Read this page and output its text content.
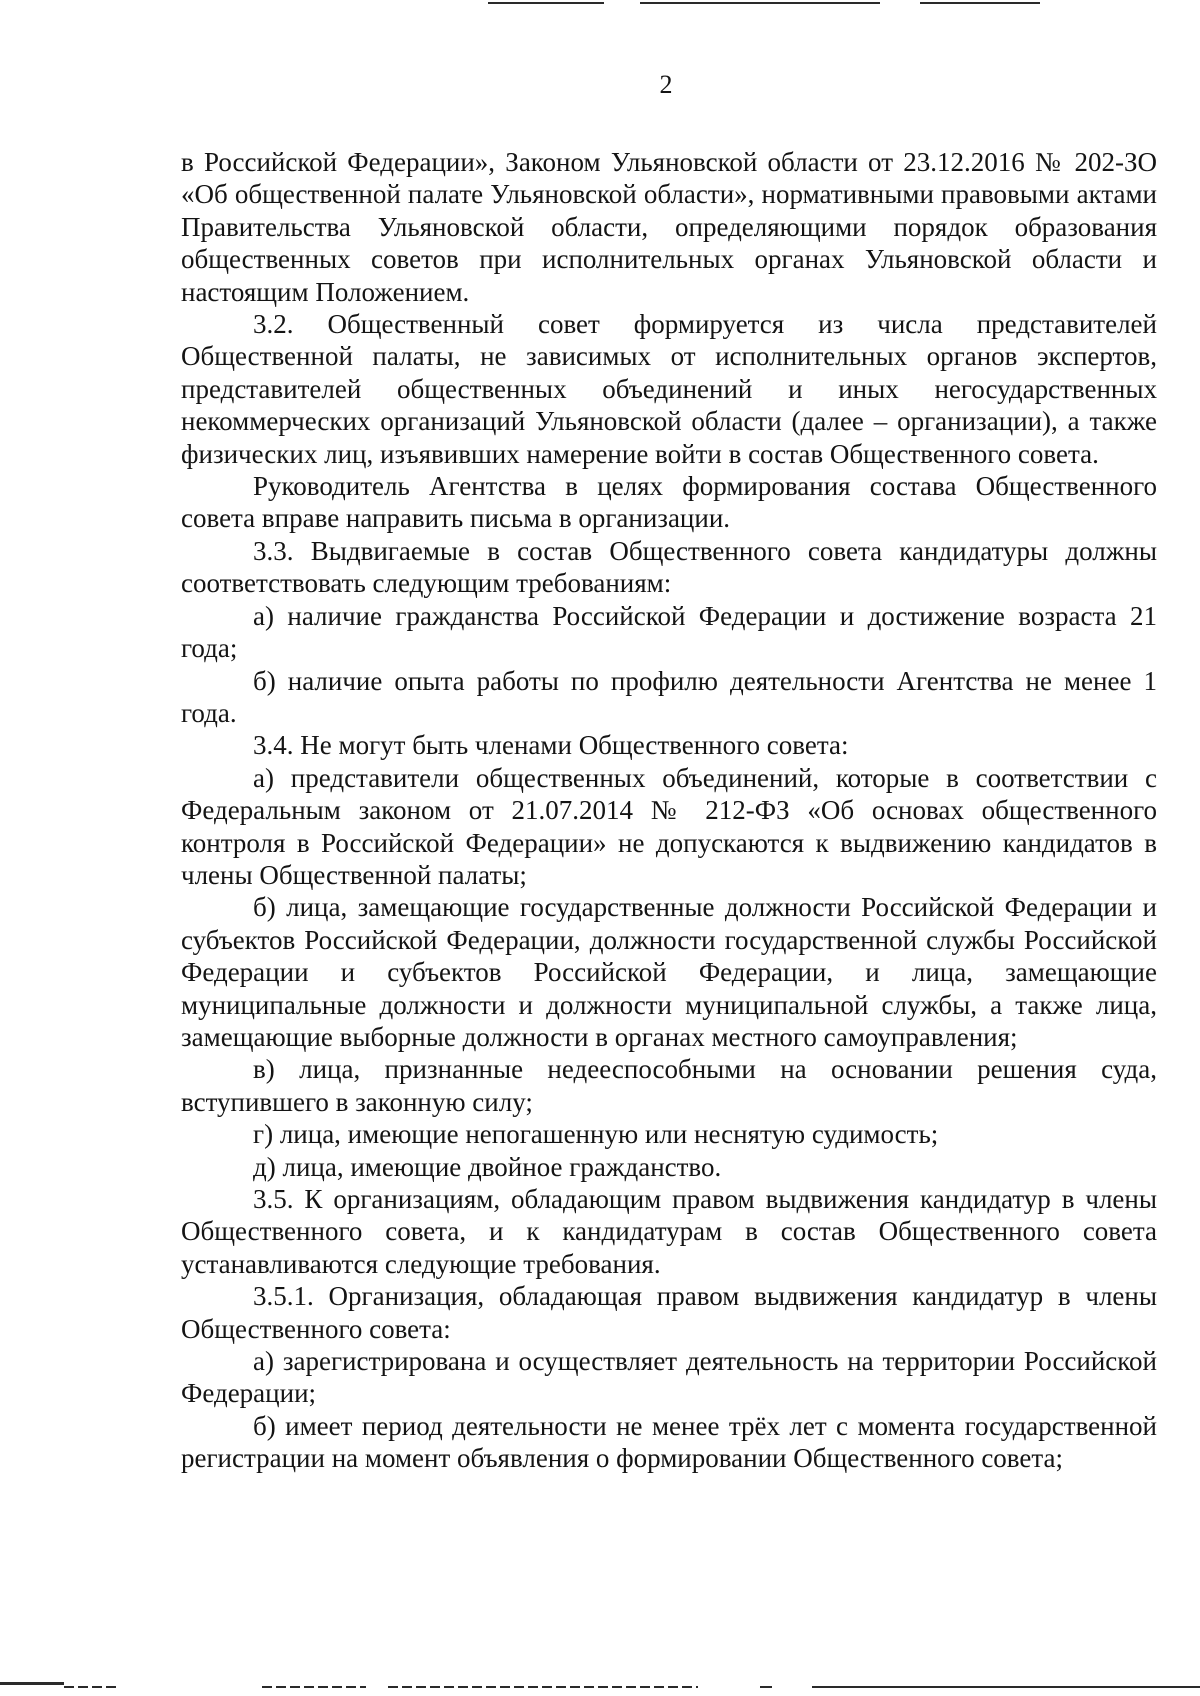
2

в Российской Федерации», Законом Ульяновской области от 23.12.2016 № 202-ЗО «Об общественной палате Ульяновской области», нормативными правовыми актами Правительства Ульяновской области, определяющими порядок образования общественных советов при исполнительных органах Ульяновской области и настоящим Положением.

3.2. Общественный совет формируется из числа представителей Общественной палаты, не зависимых от исполнительных органов экспертов, представителей общественных объединений и иных негосударственных некоммерческих организаций Ульяновской области (далее – организации), а также физических лиц, изъявивших намерение войти в состав Общественного совета.

Руководитель Агентства в целях формирования состава Общественного совета вправе направить письма в организации.

3.3. Выдвигаемые в состав Общественного совета кандидатуры должны соответствовать следующим требованиям:

а) наличие гражданства Российской Федерации и достижение возраста 21 года;

б) наличие опыта работы по профилю деятельности Агентства не менее 1 года.

3.4. Не могут быть членами Общественного совета:

а) представители общественных объединений, которые в соответствии с Федеральным законом от 21.07.2014 № 212-ФЗ «Об основах общественного контроля в Российской Федерации» не допускаются к выдвижению кандидатов в члены Общественной палаты;

б) лица, замещающие государственные должности Российской Федерации и субъектов Российской Федерации, должности государственной службы Российской Федерации и субъектов Российской Федерации, и лица, замещающие муниципальные должности и должности муниципальной службы, а также лица, замещающие выборные должности в органах местного самоуправления;

в) лица, признанные недееспособными на основании решения суда, вступившего в законную силу;

г) лица, имеющие непогашенную или неснятую судимость;

д) лица, имеющие двойное гражданство.

3.5. К организациям, обладающим правом выдвижения кандидатур в члены Общественного совета, и к кандидатурам в состав Общественного совета устанавливаются следующие требования.

3.5.1. Организация, обладающая правом выдвижения кандидатур в члены Общественного совета:

а) зарегистрирована и осуществляет деятельность на территории Российской Федерации;

б) имеет период деятельности не менее трёх лет с момента государственной регистрации на момент объявления о формировании Общественного совета;
